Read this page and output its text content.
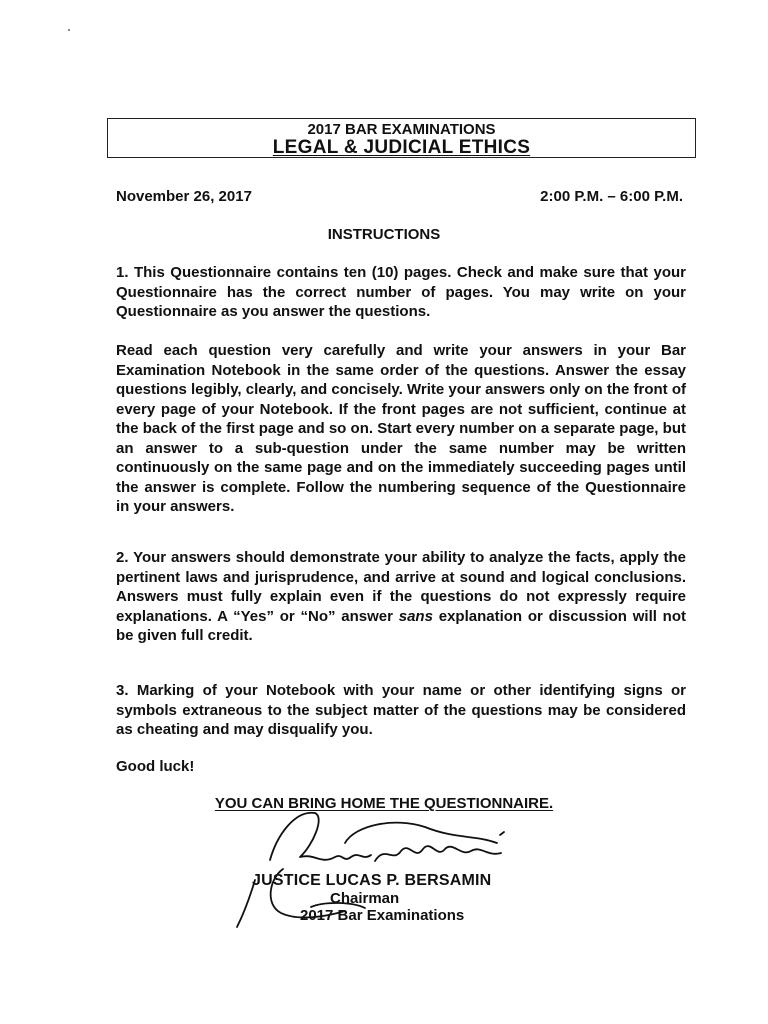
2017 BAR EXAMINATIONS
LEGAL & JUDICIAL ETHICS
November 26, 2017	2:00 P.M. – 6:00 P.M.
INSTRUCTIONS

1. This Questionnaire contains ten (10) pages. Check and make sure that your Questionnaire has the correct number of pages. You may write on your Questionnaire as you answer the questions.

Read each question very carefully and write your answers in your Bar Examination Notebook in the same order of the questions. Answer the essay questions legibly, clearly, and concisely. Write your answers only on the front of every page of your Notebook. If the front pages are not sufficient, continue at the back of the first page and so on. Start every number on a separate page, but an answer to a sub-question under the same number may be written continuously on the same page and on the immediately succeeding pages until the answer is complete. Follow the numbering sequence of the Questionnaire in your answers.

2. Your answers should demonstrate your ability to analyze the facts, apply the pertinent laws and jurisprudence, and arrive at sound and logical conclusions. Answers must fully explain even if the questions do not expressly require explanations. A “Yes” or “No” answer sans explanation or discussion will not be given full credit.

3. Marking of your Notebook with your name or other identifying signs or symbols extraneous to the subject matter of the questions may be considered as cheating and may disqualify you.

Good luck!
YOU CAN BRING HOME THE QUESTIONNAIRE.
JUSTICE LUCAS P. BERSAMIN
Chairman
2017 Bar Examinations
